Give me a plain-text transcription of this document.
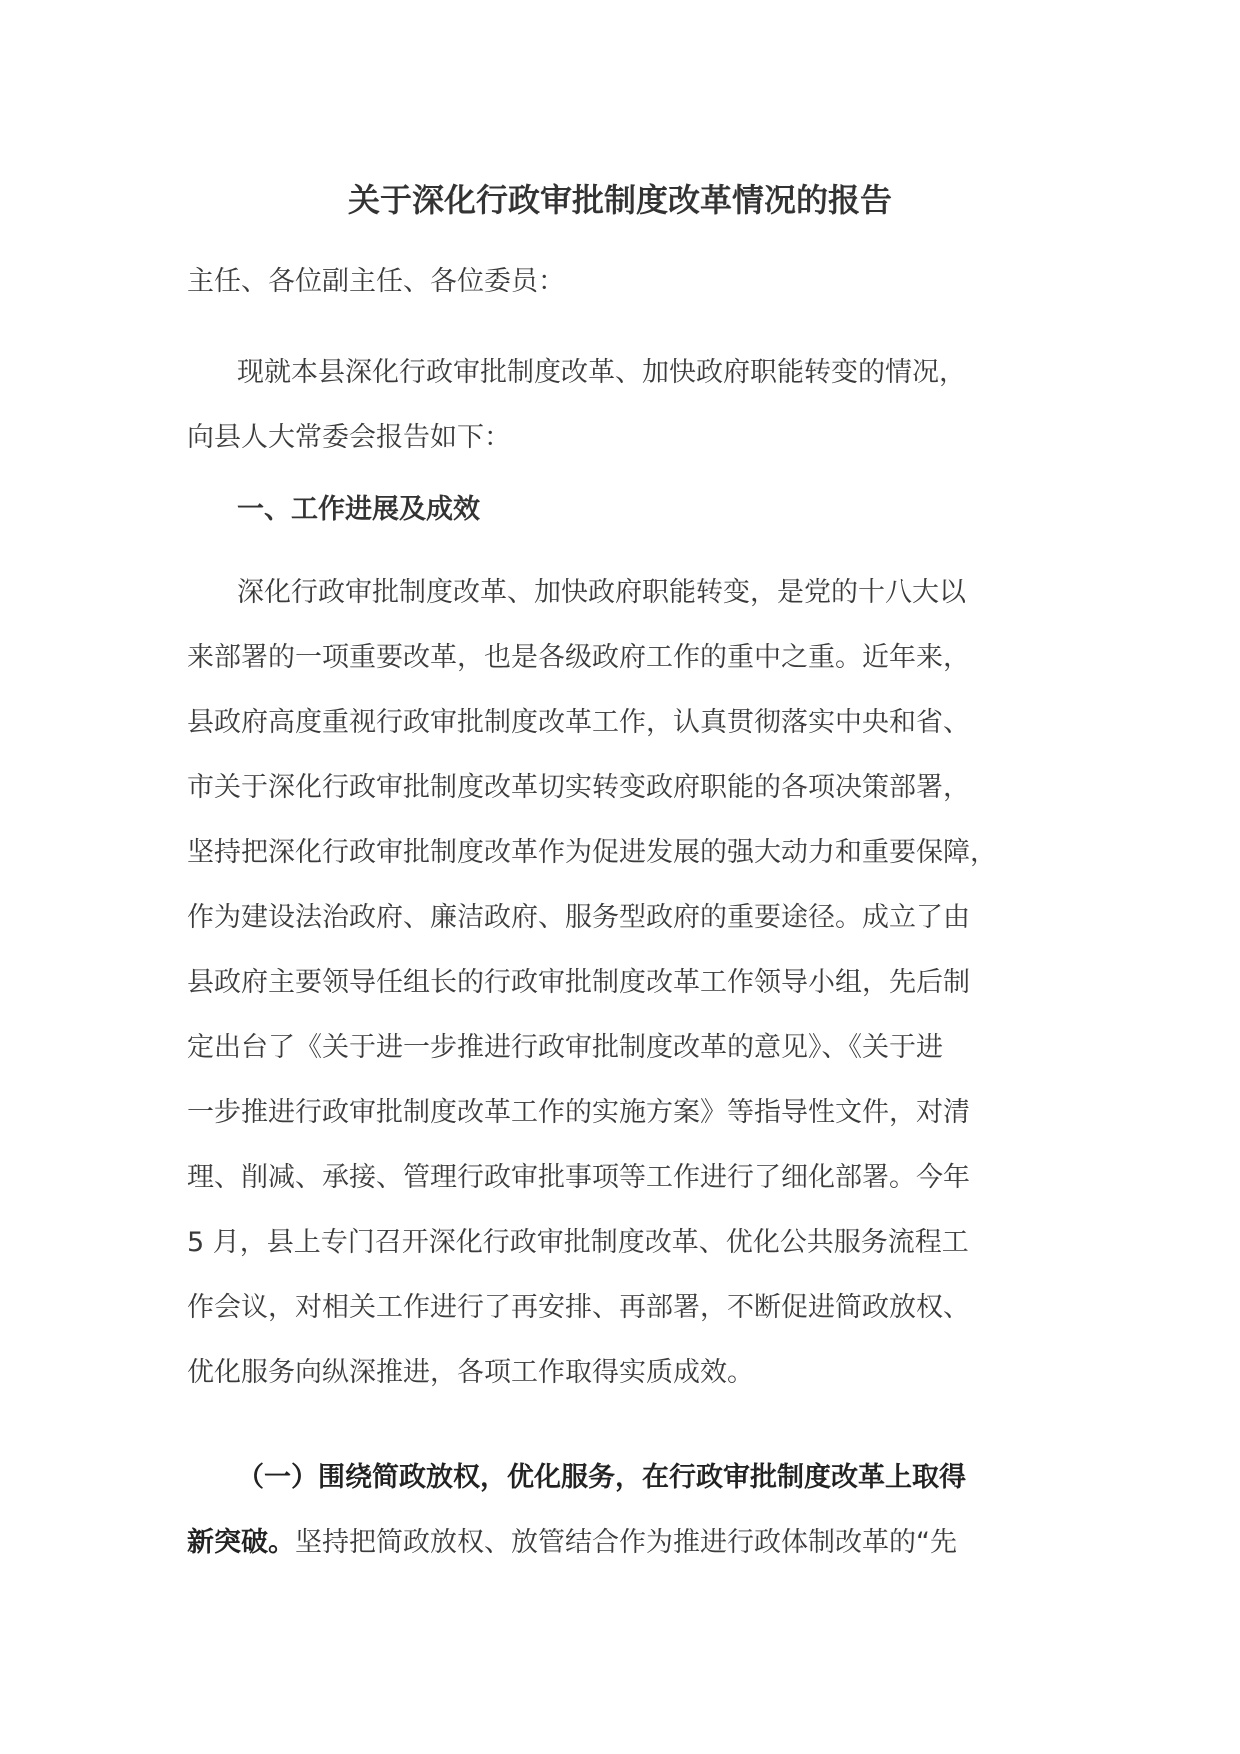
关于深化行政审批制度改革情况的报告

主任、各位副主任、各位委员：

现就本县深化行政审批制度改革、加快政府职能转变的情况，
向县人大常委会报告如下：
一、工作进展及成效
深化行政审批制度改革、加快政府职能转变，是党的十八大以
来部署的一项重要改革，也是各级政府工作的重中之重。近年来，
县政府高度重视行政审批制度改革工作，认真贯彻落实中央和省、
市关于深化行政审批制度改革切实转变政府职能的各项决策部署，
坚持把深化行政审批制度改革作为促进发展的强大动力和重要保障，
作为建设法治政府、廉洁政府、服务型政府的重要途径。成立了由
县政府主要领导任组长的行政审批制度改革工作领导小组，先后制
定出台了《关于进一步推进行政审批制度改革的意见》、《关于进
一步推进行政审批制度改革工作的实施方案》等指导性文件，对清
理、削减、承接、管理行政审批事项等工作进行了细化部署。今年
5 月，县上专门召开深化行政审批制度改革、优化公共服务流程工
作会议，对相关工作进行了再安排、再部署，不断促进简政放权、
优化服务向纵深推进，各项工作取得实质成效。
（一）围绕简政放权，优化服务，在行政审批制度改革上取得
新突破。坚持把简政放权、放管结合作为推进行政体制改革的“先
